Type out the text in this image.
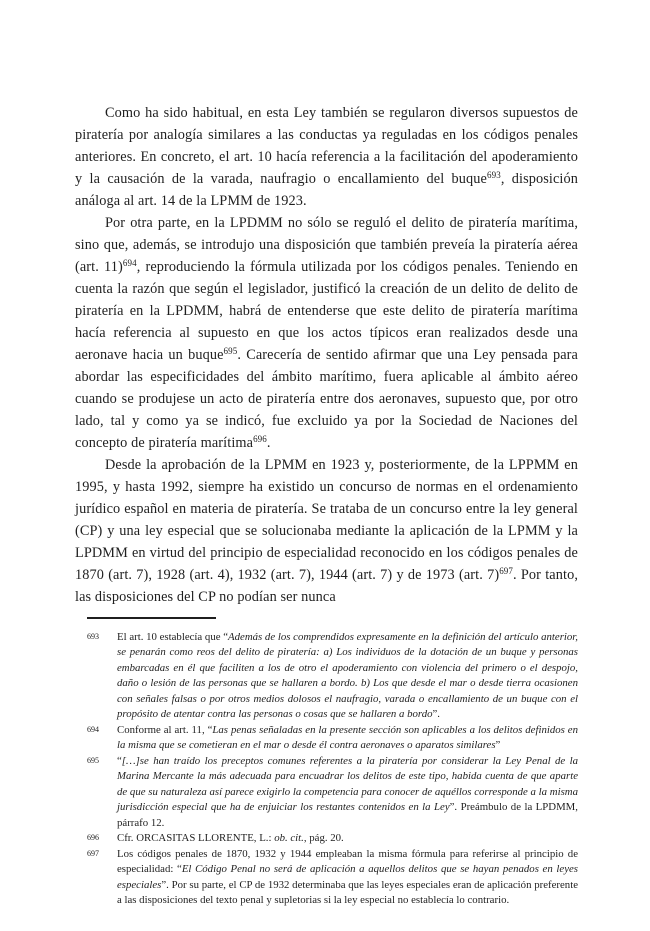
Como ha sido habitual, en esta Ley también se regularon diversos supuestos de piratería por analogía similares a las conductas ya reguladas en los códigos penales anteriores. En concreto, el art. 10 hacía referencia a la facilitación del apoderamiento y la causación de la varada, naufragio o encallamiento del buque$^{693}$, disposición análoga al art. 14 de la LPMM de 1923.

Por otra parte, en la LPDMM no sólo se reguló el delito de piratería marítima, sino que, además, se introdujo una disposición que también preveía la piratería aérea (art. 11)$^{694}$, reproduciendo la fórmula utilizada por los códigos penales. Teniendo en cuenta la razón que según el legislador, justificó la creación de un delito de delito de piratería en la LPDMM, habrá de entenderse que este delito de piratería marítima hacía referencia al supuesto en que los actos típicos eran realizados desde una aeronave hacia un buque$^{695}$. Carecería de sentido afirmar que una Ley pensada para abordar las especificidades del ámbito marítimo, fuera aplicable al ámbito aéreo cuando se produjese un acto de piratería entre dos aeronaves, supuesto que, por otro lado, tal y como ya se indicó, fue excluido ya por la Sociedad de Naciones del concepto de piratería marítima$^{696}$.

Desde la aprobación de la LPMM en 1923 y, posteriormente, de la LPPMM en 1995, y hasta 1992, siempre ha existido un concurso de normas en el ordenamiento jurídico español en materia de piratería. Se trataba de un concurso entre la ley general (CP) y una ley especial que se solucionaba mediante la aplicación de la LPMM y la LPDMM en virtud del principio de especialidad reconocido en los códigos penales de 1870 (art. 7), 1928 (art. 4), 1932 (art. 7), 1944 (art. 7) y de 1973 (art. 7)$^{697}$. Por tanto, las disposiciones del CP no podían ser nunca

693 El art. 10 establecía que “Además de los comprendidos expresamente en la definición del artículo anterior, se penarán como reos del delito de piratería: a) Los individuos de la dotación de un buque y personas embarcadas en él que faciliten a los de otro el apoderamiento con violencia del primero o el despojo, daño o lesión de las personas que se hallaren a bordo. b) Los que desde el mar o desde tierra ocasionen con señales falsas o por otros medios dolosos el naufragio, varada o encallamiento de un buque con el propósito de atentar contra las personas o cosas que se hallaren a bordo”.
694 Conforme al art. 11, “Las penas señaladas en la presente sección son aplicables a los delitos definidos en la misma que se cometieran en el mar o desde él contra aeronaves o aparatos similares”
695 “[…]se han traído los preceptos comunes referentes a la piratería por considerar la Ley Penal de la Marina Mercante la más adecuada para encuadrar los delitos de este tipo, habida cuenta de que aparte de que su naturaleza así parece exigirlo la competencia para conocer de aquéllos corresponde a la misma jurisdicción especial que ha de enjuiciar los restantes contenidos en la Ley”. Preámbulo de la LPDMM, párrafo 12.
696 Cfr. ORCASITAS LLORENTE, L.: ob. cit., pág. 20.
697 Los códigos penales de 1870, 1932 y 1944 empleaban la misma fórmula para referirse al principio de especialidad: “El Código Penal no será de aplicación a aquellos delitos que se hayan penados en leyes especiales”. Por su parte, el CP de 1932 determinaba que las leyes especiales eran de aplicación preferente a las disposiciones del texto penal y supletorias si la ley especial no establecía lo contrario.
